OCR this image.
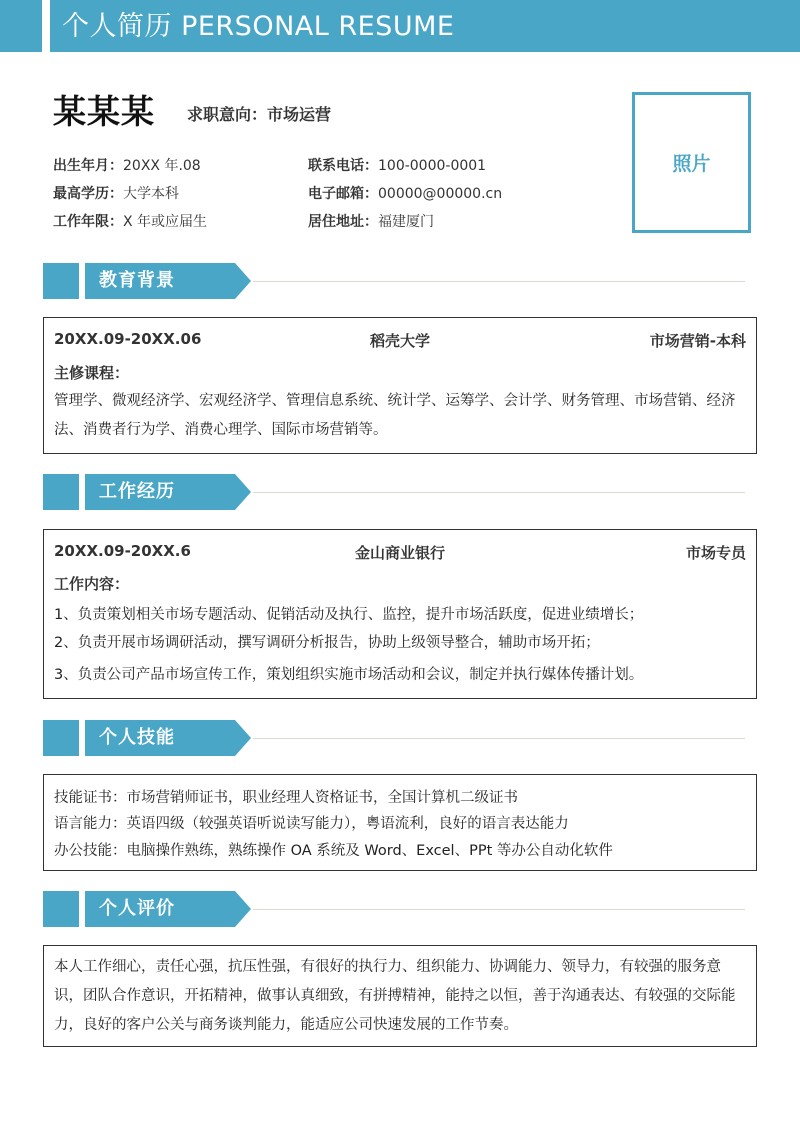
个人简历 PERSONAL RESUME
某某某 求职意向：市场运营
出生年月：20XX 年.08	联系电话：100-0000-0001
最高学历：大学本科	电子邮箱：00000@00000.cn
工作年限：X 年或应届生	居住地址：福建厦门
照片
教育背景
20XX.09-20XX.06	稻壳大学	市场营销-本科
主修课程：
管理学、微观经济学、宏观经济学、管理信息系统、统计学、运筹学、会计学、财务管理、市场营销、经济法、消费者行为学、消费心理学、国际市场营销等。
工作经历
20XX.09-20XX.6	金山商业银行	市场专员
工作内容：
1、负责策划相关市场专题活动、促销活动及执行、监控，提升市场活跃度，促进业绩增长；
2、负责开展市场调研活动，撰写调研分析报告，协助上级领导整合，辅助市场开拓；
3、负责公司产品市场宣传工作，策划组织实施市场活动和会议，制定并执行媒体传播计划。
个人技能
技能证书：市场营销师证书，职业经理人资格证书，全国计算机二级证书
语言能力：英语四级（较强英语听说读写能力），粤语流利，良好的语言表达能力
办公技能：电脑操作熟练，熟练操作 OA 系统及 Word、Excel、PPt 等办公自动化软件
个人评价
本人工作细心，责任心强，抗压性强，有很好的执行力、组织能力、协调能力、领导力，有较强的服务意识，团队合作意识，开拓精神，做事认真细致，有拼搏精神，能持之以恒，善于沟通表达、有较强的交际能力，良好的客户公关与商务谈判能力，能适应公司快速发展的工作节奏。
